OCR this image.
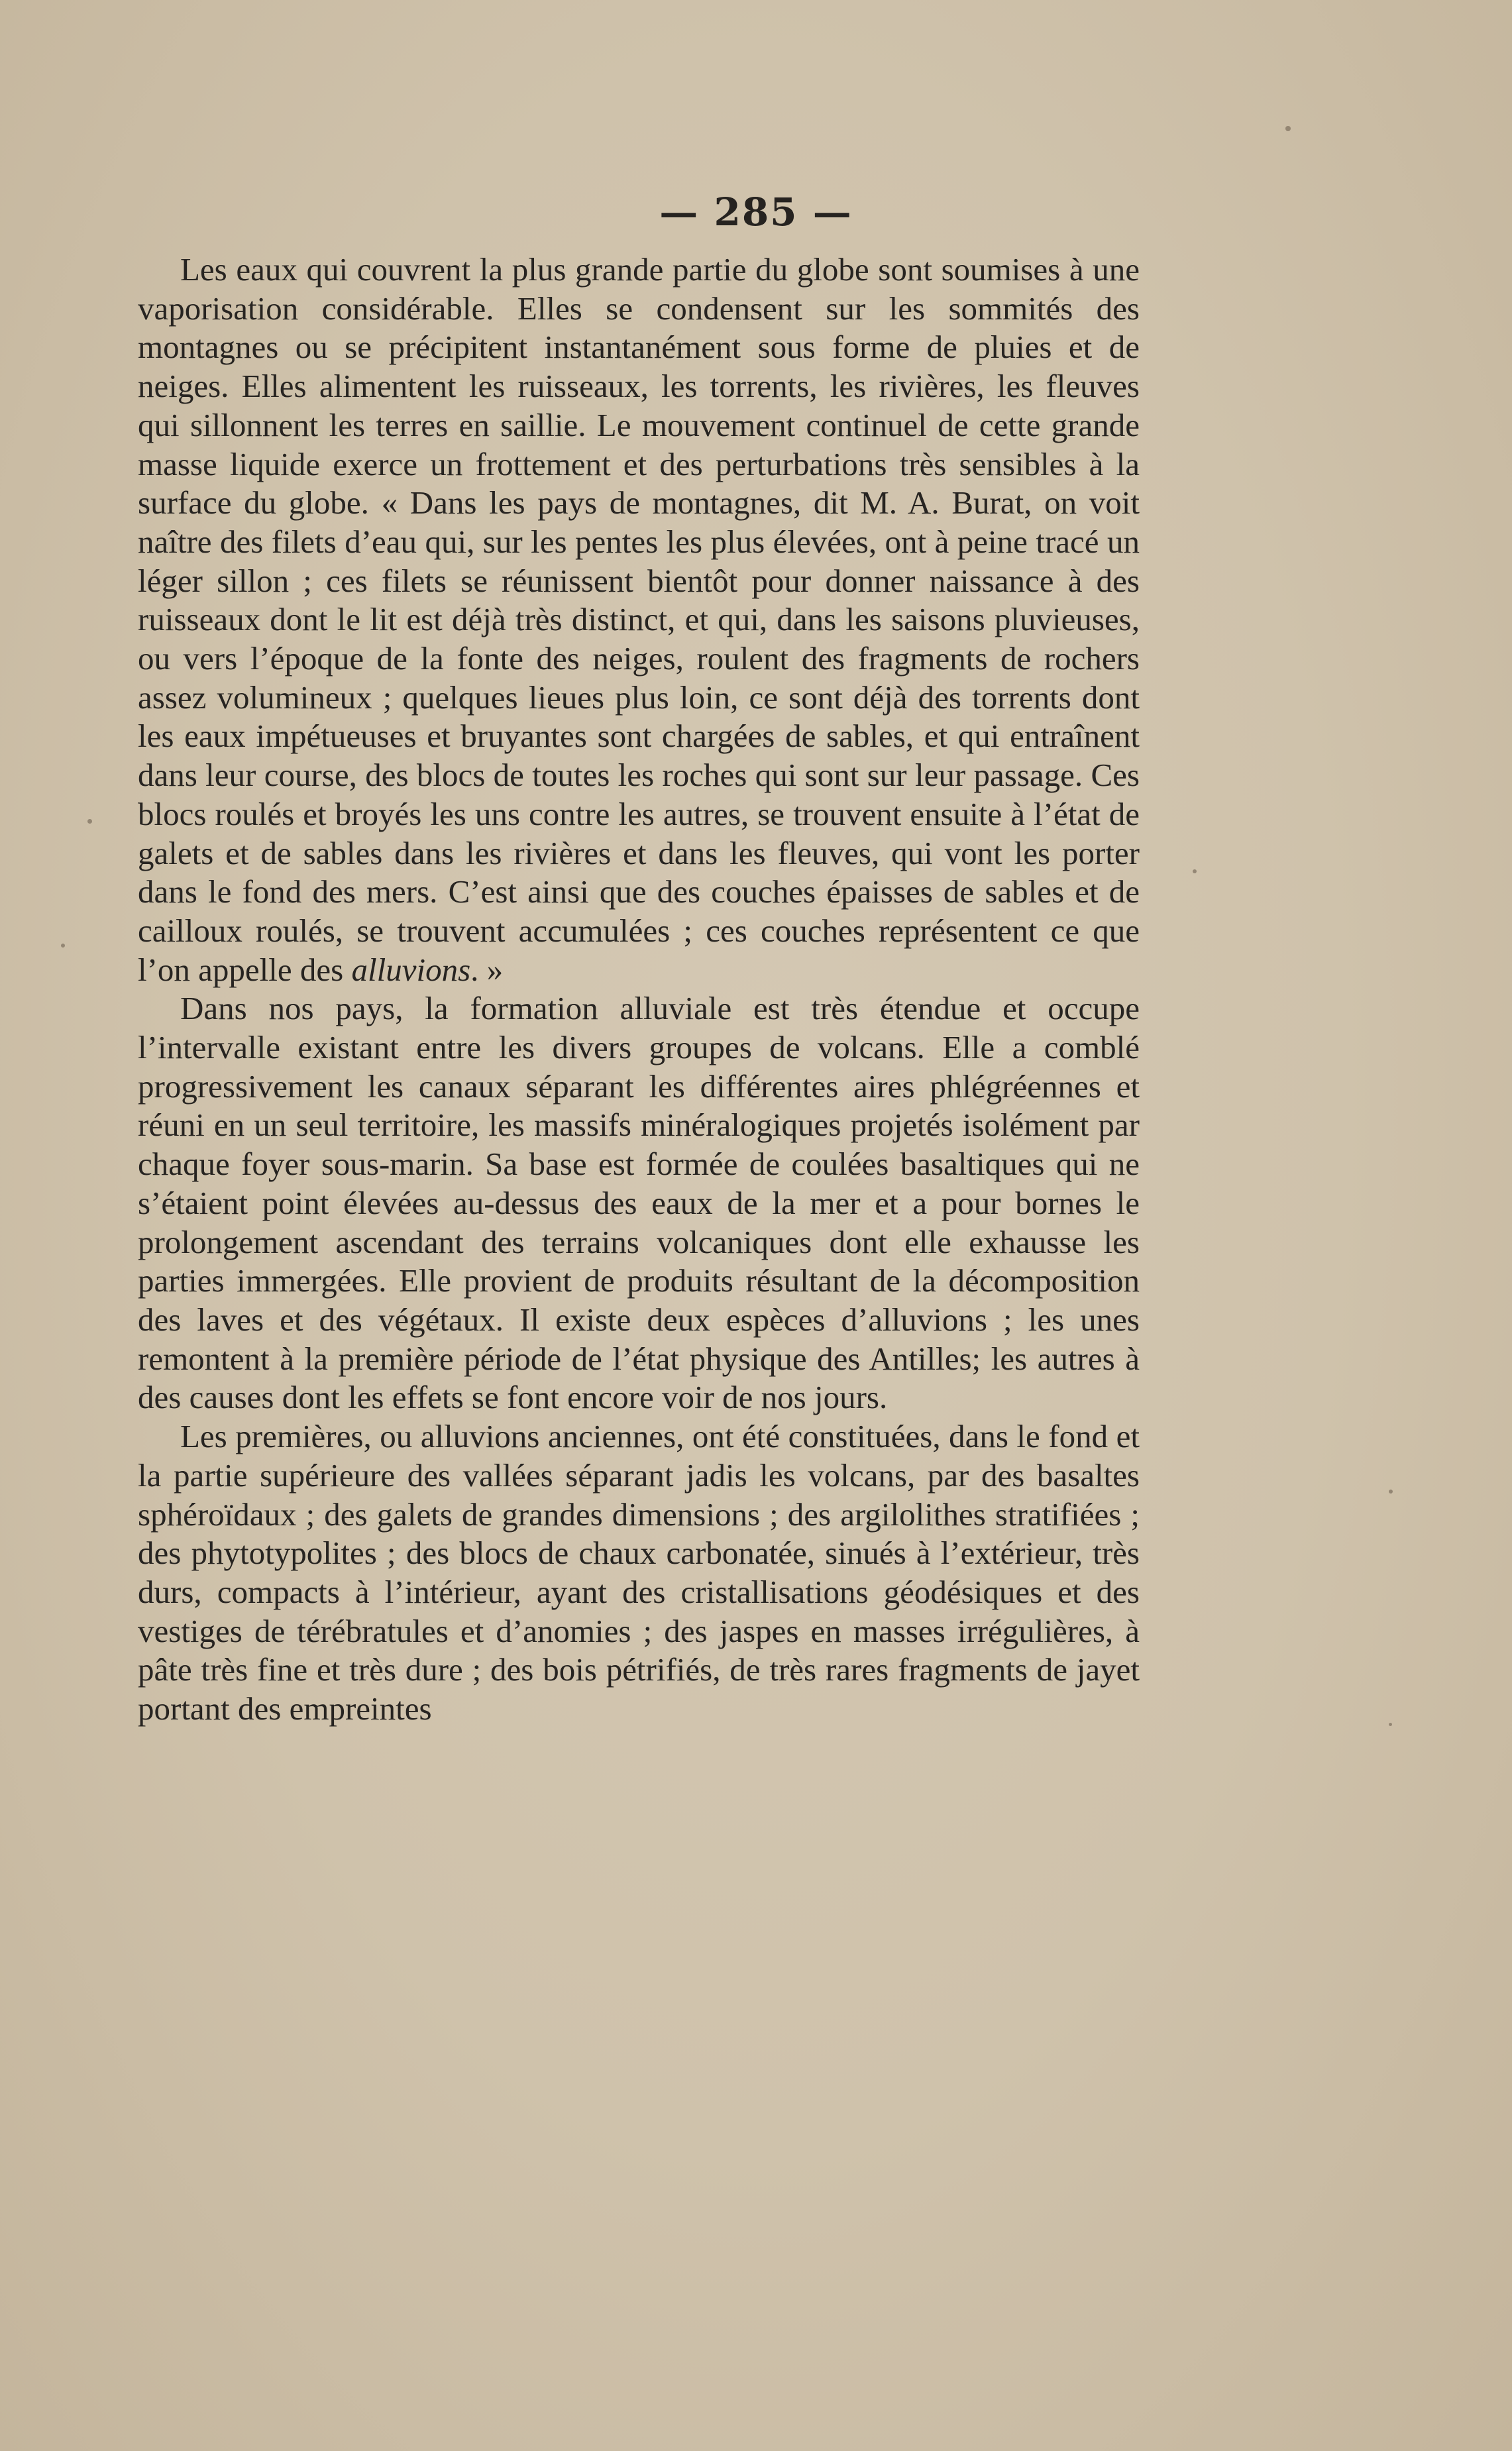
— 285 —

Les eaux qui couvrent la plus grande partie du globe sont soumises à une vaporisation considérable. Elles se condensent sur les sommités des montagnes ou se précipitent instantanément sous forme de pluies et de neiges. Elles alimentent les ruisseaux, les torrents, les rivières, les fleuves qui sillonnent les terres en saillie. Le mouvement continuel de cette grande masse liquide exerce un frottement et des perturbations très sensibles à la surface du globe. « Dans les pays de montagnes, dit M. A. Burat, on voit naître des filets d’eau qui, sur les pentes les plus élevées, ont à peine tracé un léger sillon ; ces filets se réunissent bientôt pour donner naissance à des ruisseaux dont le lit est déjà très distinct, et qui, dans les saisons pluvieuses, ou vers l’époque de la fonte des neiges, roulent des fragments de rochers assez volumineux ; quelques lieues plus loin, ce sont déjà des torrents dont les eaux impétueuses et bruyantes sont chargées de sables, et qui entraînent dans leur course, des blocs de toutes les roches qui sont sur leur passage. Ces blocs roulés et broyés les uns contre les autres, se trouvent ensuite à l’état de galets et de sables dans les rivières et dans les fleuves, qui vont les porter dans le fond des mers. C’est ainsi que des couches épaisses de sables et de cailloux roulés, se trouvent accumulées ; ces couches représentent ce que l’on appelle des alluvions. »

Dans nos pays, la formation alluviale est très étendue et occupe l’intervalle existant entre les divers groupes de volcans. Elle a comblé progressivement les canaux séparant les différentes aires phlégréennes et réuni en un seul territoire, les massifs minéralogiques projetés isolément par chaque foyer sous-marin. Sa base est formée de coulées basaltiques qui ne s’étaient point élevées au-dessus des eaux de la mer et a pour bornes le prolongement ascendant des terrains volcaniques dont elle exhausse les parties immergées. Elle provient de produits résultant de la décomposition des laves et des végétaux. Il existe deux espèces d’alluvions ; les unes remontent à la première période de l’état physique des Antilles; les autres à des causes dont les effets se font encore voir de nos jours.

Les premières, ou alluvions anciennes, ont été constituées, dans le fond et la partie supérieure des vallées séparant jadis les volcans, par des basaltes sphéroïdaux ; des galets de grandes dimensions ; des argilolithes stratifiées ; des phytotypolites ; des blocs de chaux carbonatée, sinués à l’extérieur, très durs, compacts à l’intérieur, ayant des cristallisations géodésiques et des vestiges de térébratules et d’anomies ; des jaspes en masses irrégulières, à pâte très fine et très dure ; des bois pétrifiés, de très rares fragments de jayet portant des empreintes
